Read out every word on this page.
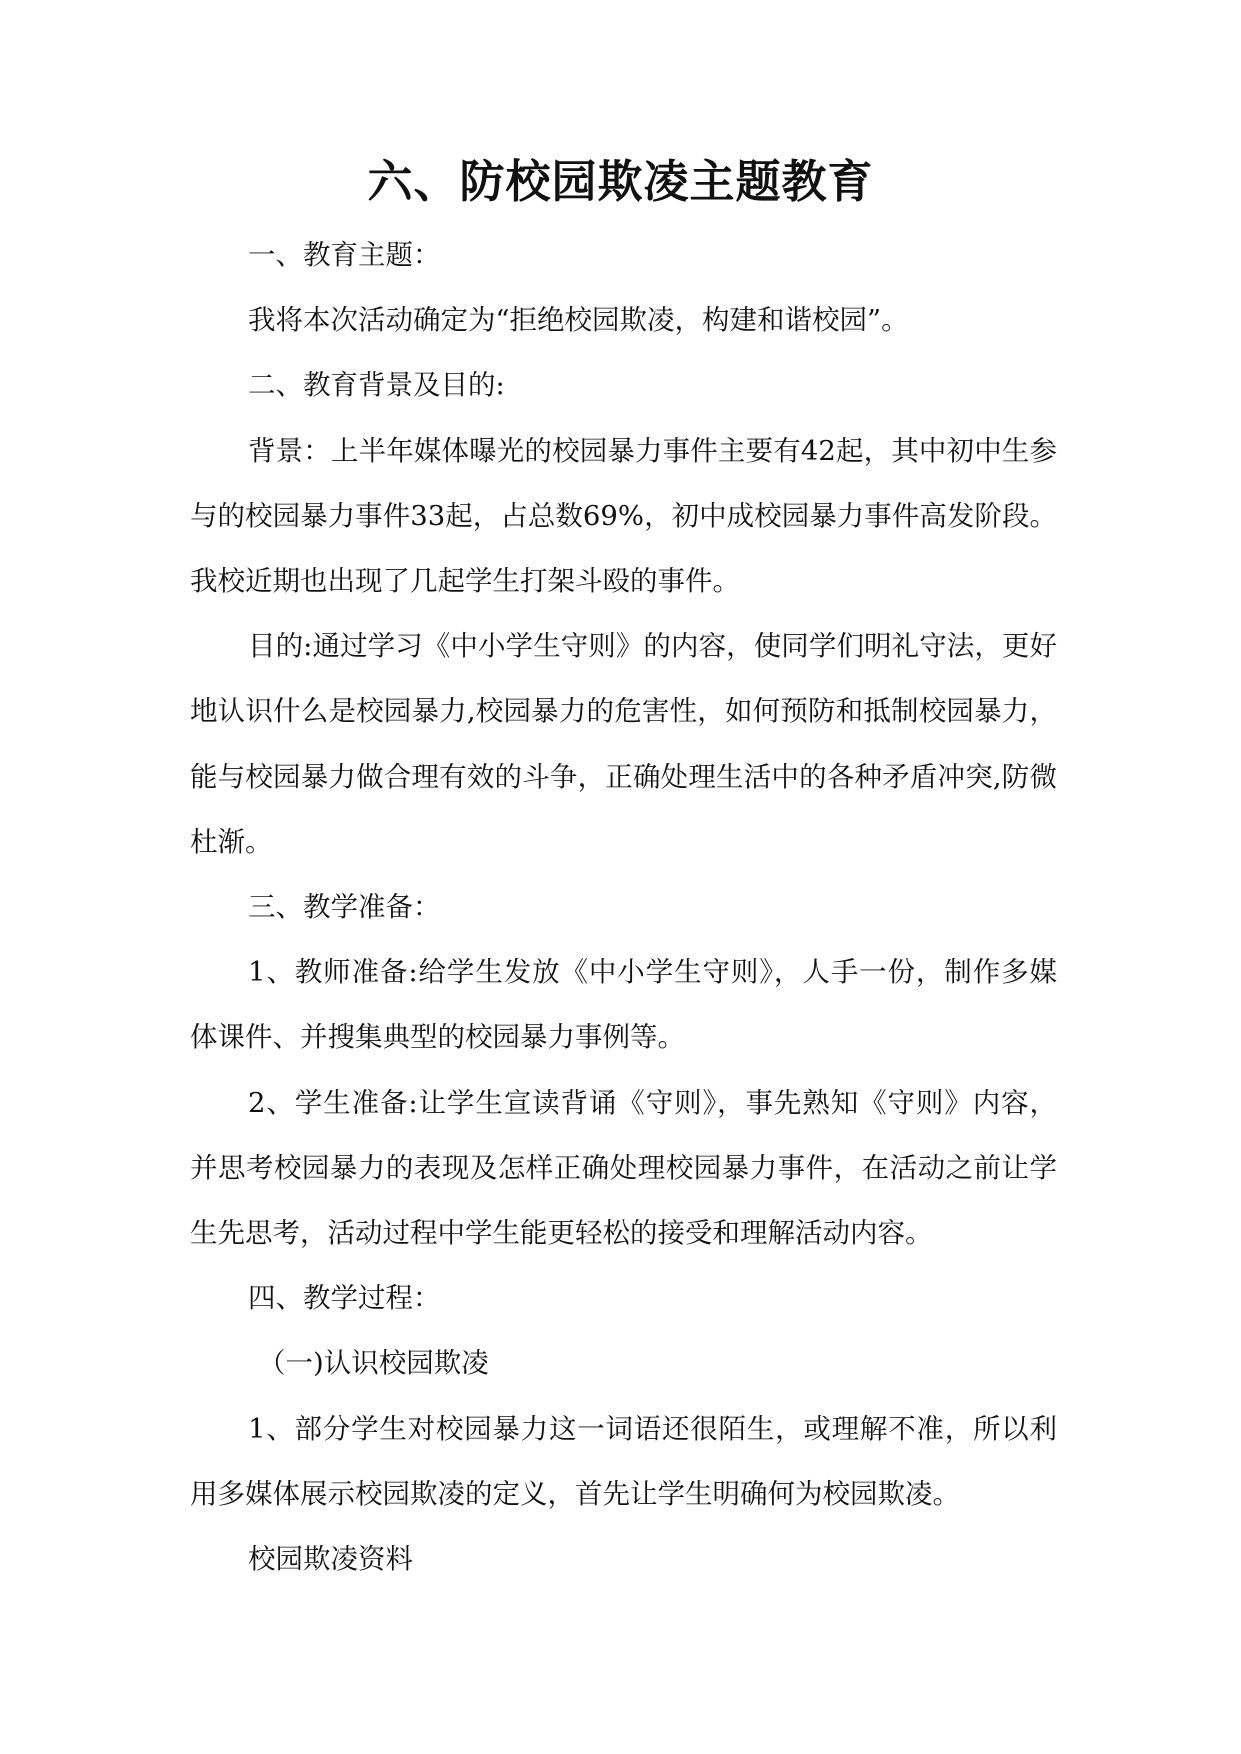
六、防校园欺凌主题教育

一、教育主题：

我将本次活动确定为“拒绝校园欺凌，构建和谐校园”。

二、教育背景及目的:

背景：上半年媒体曝光的校园暴力事件主要有42起，其中初中生参与的校园暴力事件33起，占总数69%，初中成校园暴力事件高发阶段。我校近期也出现了几起学生打架斗殴的事件。

目的:通过学习《中小学生守则》的内容，使同学们明礼守法，更好地认识什么是校园暴力,校园暴力的危害性，如何预防和抵制校园暴力，能与校园暴力做合理有效的斗争，正确处理生活中的各种矛盾冲突,防微杜渐。

三、教学准备：

1、教师准备:给学生发放《中小学生守则》，人手一份，制作多媒体课件、并搜集典型的校园暴力事例等。

2、学生准备:让学生宣读背诵《守则》，事先熟知《守则》内容，并思考校园暴力的表现及怎样正确处理校园暴力事件，在活动之前让学生先思考，活动过程中学生能更轻松的接受和理解活动内容。

四、教学过程：

（一)认识校园欺凌

1、部分学生对校园暴力这一词语还很陌生，或理解不准，所以利用多媒体展示校园欺凌的定义，首先让学生明确何为校园欺凌。

校园欺凌资料
